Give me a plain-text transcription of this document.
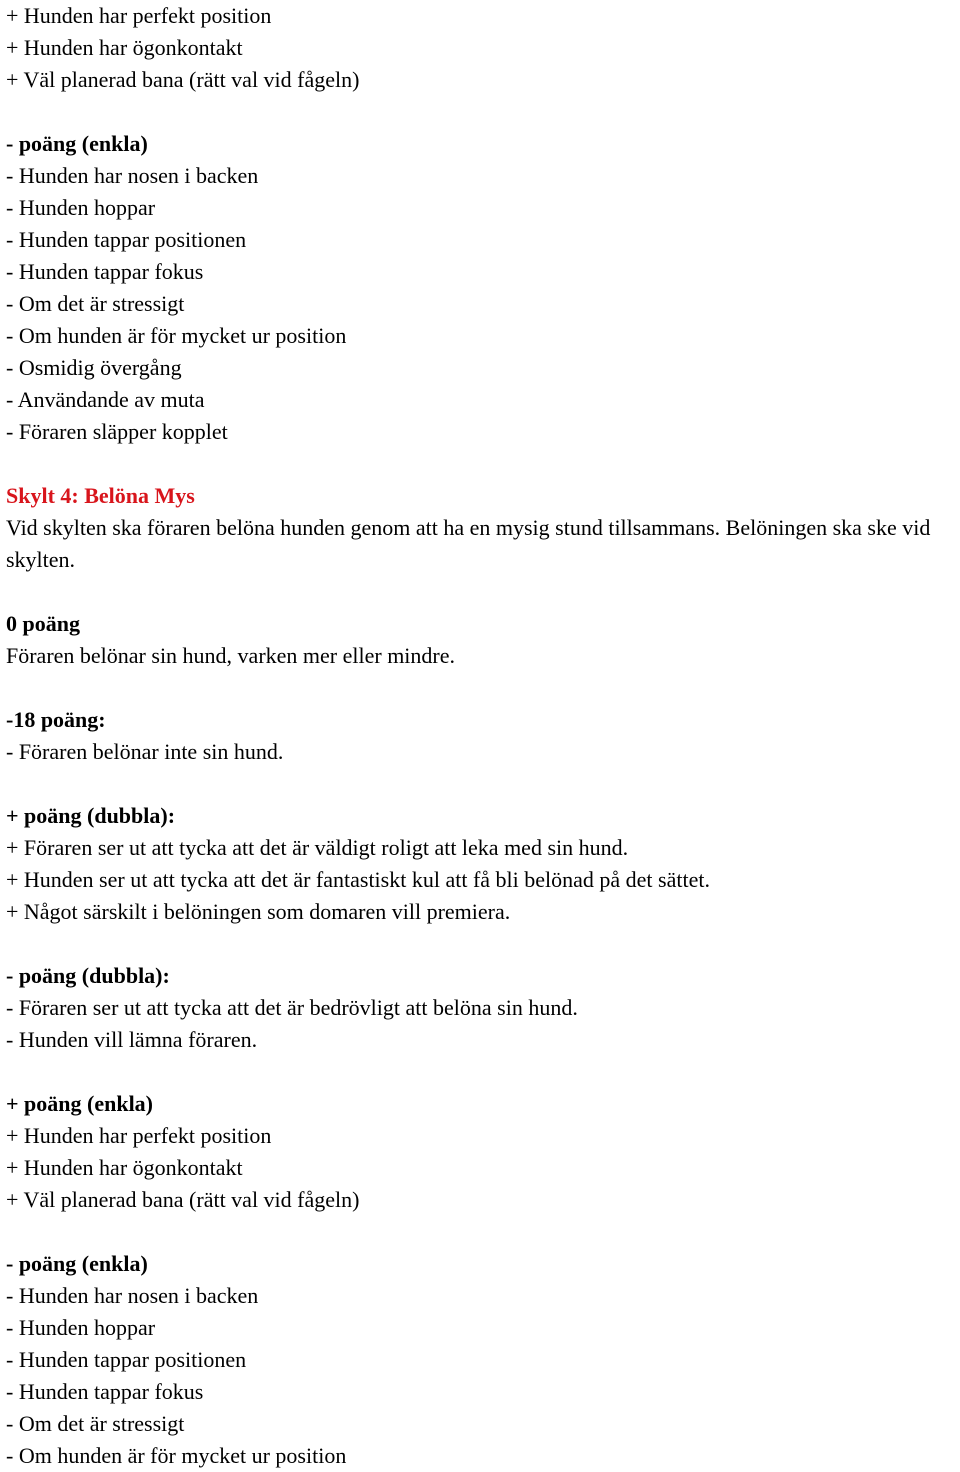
+ Hunden har perfekt position

+ Hunden har ögonkontakt

+ Väl planerad bana (rätt val vid fågeln)

- poäng (enkla)

- Hunden har nosen i backen

- Hunden hoppar

- Hunden tappar positionen

- Hunden tappar fokus

- Om det är stressigt

- Om hunden är för mycket ur position

- Osmidig övergång

- Användande av muta

- Föraren släpper kopplet

Skylt 4: Belöna Mys

Vid skylten ska föraren belöna hunden genom att ha en mysig stund tillsammans. Belöningen ska ske vid skylten.

0 poäng

Föraren belönar sin hund, varken mer eller mindre.

-18 poäng:

- Föraren belönar inte sin hund.

+ poäng (dubbla):

+ Föraren ser ut att tycka att det är väldigt roligt att leka med sin hund.

+ Hunden ser ut att tycka att det är fantastiskt kul att få bli belönad på det sättet.

+ Något särskilt i belöningen som domaren vill premiera.

- poäng (dubbla):

- Föraren ser ut att tycka att det är bedrövligt att belöna sin hund.

- Hunden vill lämna föraren.

+ poäng (enkla)

+ Hunden har perfekt position

+ Hunden har ögonkontakt

+ Väl planerad bana (rätt val vid fågeln)

- poäng (enkla)

- Hunden har nosen i backen

- Hunden hoppar

- Hunden tappar positionen

- Hunden tappar fokus

- Om det är stressigt

- Om hunden är för mycket ur position
